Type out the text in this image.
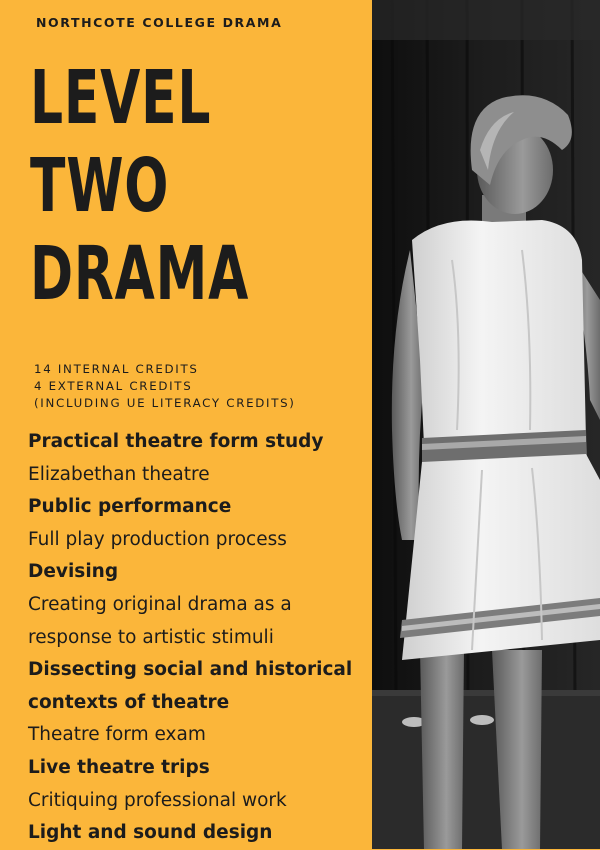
NORTHCOTE COLLEGE DRAMA
LEVEL
TWO
DRAMA
14 INTERNAL CREDITS
4 EXTERNAL CREDITS
(INCLUDING UE LITERACY CREDITS)
Practical theatre form study
Elizabethan theatre
Public performance
Full play production process
Devising
Creating original drama as a
response to artistic stimuli
Dissecting social and historical
contexts of theatre
Theatre form exam
Live theatre trips
Critiquing professional work
Light and sound design
